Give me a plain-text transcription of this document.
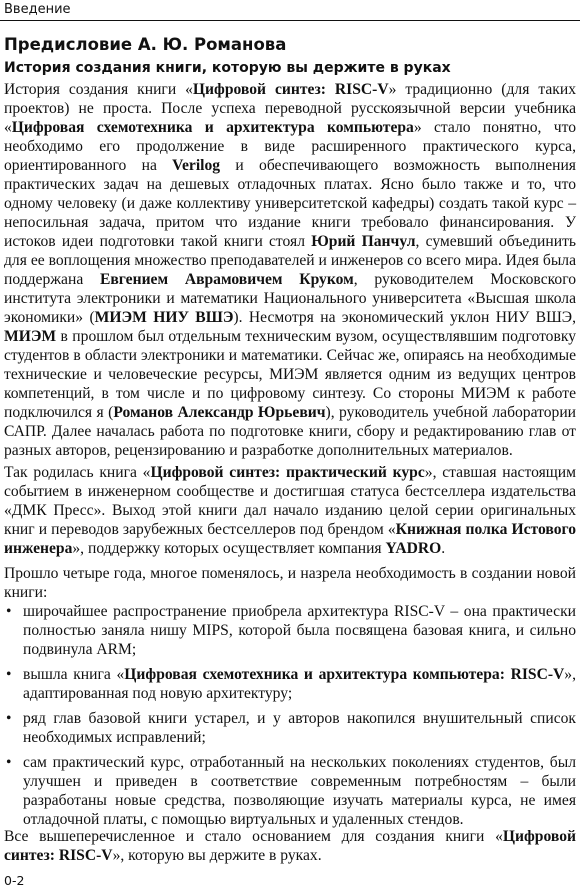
Введение
Предисловие А. Ю. Романова
История создания книги, которую вы держите в руках

История создания книги «Цифровой синтез: RISC-V» традиционно (для таких проектов) не проста. После успеха переводной русскоязычной версии учебника «Цифровая схемотехника и архитектура компьютера» стало понятно, что необходимо его продолжение в виде расширенного практического курса, ориентированного на Verilog и обеспечивающего возможность выполнения практических задач на дешевых отладочных платах. Ясно было также и то, что одному человеку (и даже коллективу университетской кафедры) создать такой курс – непосильная задача, притом что издание книги требовало финансирования. У истоков идеи подготовки такой книги стоял Юрий Панчул, сумевший объединить для ее воплощения множество преподавателей и инженеров со всего мира. Идея была поддержана Евгением Аврамовичем Круком, руководителем Московского института электроники и математики Национального университета «Высшая школа экономики» (МИЭМ НИУ ВШЭ). Несмотря на экономический уклон НИУ ВШЭ, МИЭМ в прошлом был отдельным техническим вузом, осуществлявшим подготовку студентов в области электроники и математики. Сейчас же, опираясь на необходимые технические и человеческие ресурсы, МИЭМ является одним из ведущих центров компетенций, в том числе и по цифровому синтезу. Со стороны МИЭМ к работе подключился я (Романов Александр Юрьевич), руководитель учебной лаборатории САПР. Далее началась работа по подготовке книги, сбору и редактированию глав от разных авторов, рецензированию и разработке дополнительных материалов.

Так родилась книга «Цифровой синтез: практический курс», ставшая настоящим событием в инженерном сообществе и достигшая статуса бестселлера издательства «ДМК Пресс». Выход этой книги дал начало изданию целой серии оригинальных книг и переводов зарубежных бестселлеров под брендом «Книжная полка Истового инженера», поддержку которых осуществляет компания YADRO.

Прошло четыре года, многое поменялось, и назрела необходимость в создании новой книги:

• широчайшее распространение приобрела архитектура RISC-V – она практически полностью заняла нишу MIPS, которой была посвящена базовая книга, и сильно подвинула ARM;
• вышла книга «Цифровая схемотехника и архитектура компьютера: RISC-V», адаптированная под новую архитектуру;
• ряд глав базовой книги устарел, и у авторов накопился внушительный список необходимых исправлений;
• сам практический курс, отработанный на нескольких поколениях студентов, был улучшен и приведен в соответствие современным потребностям – были разработаны новые средства, позволяющие изучать материалы курса, не имея отладочной платы, с помощью виртуальных и удаленных стендов.

Все вышеперечисленное и стало основанием для создания книги «Цифровой синтез: RISC-V», которую вы держите в руках.

0-2
